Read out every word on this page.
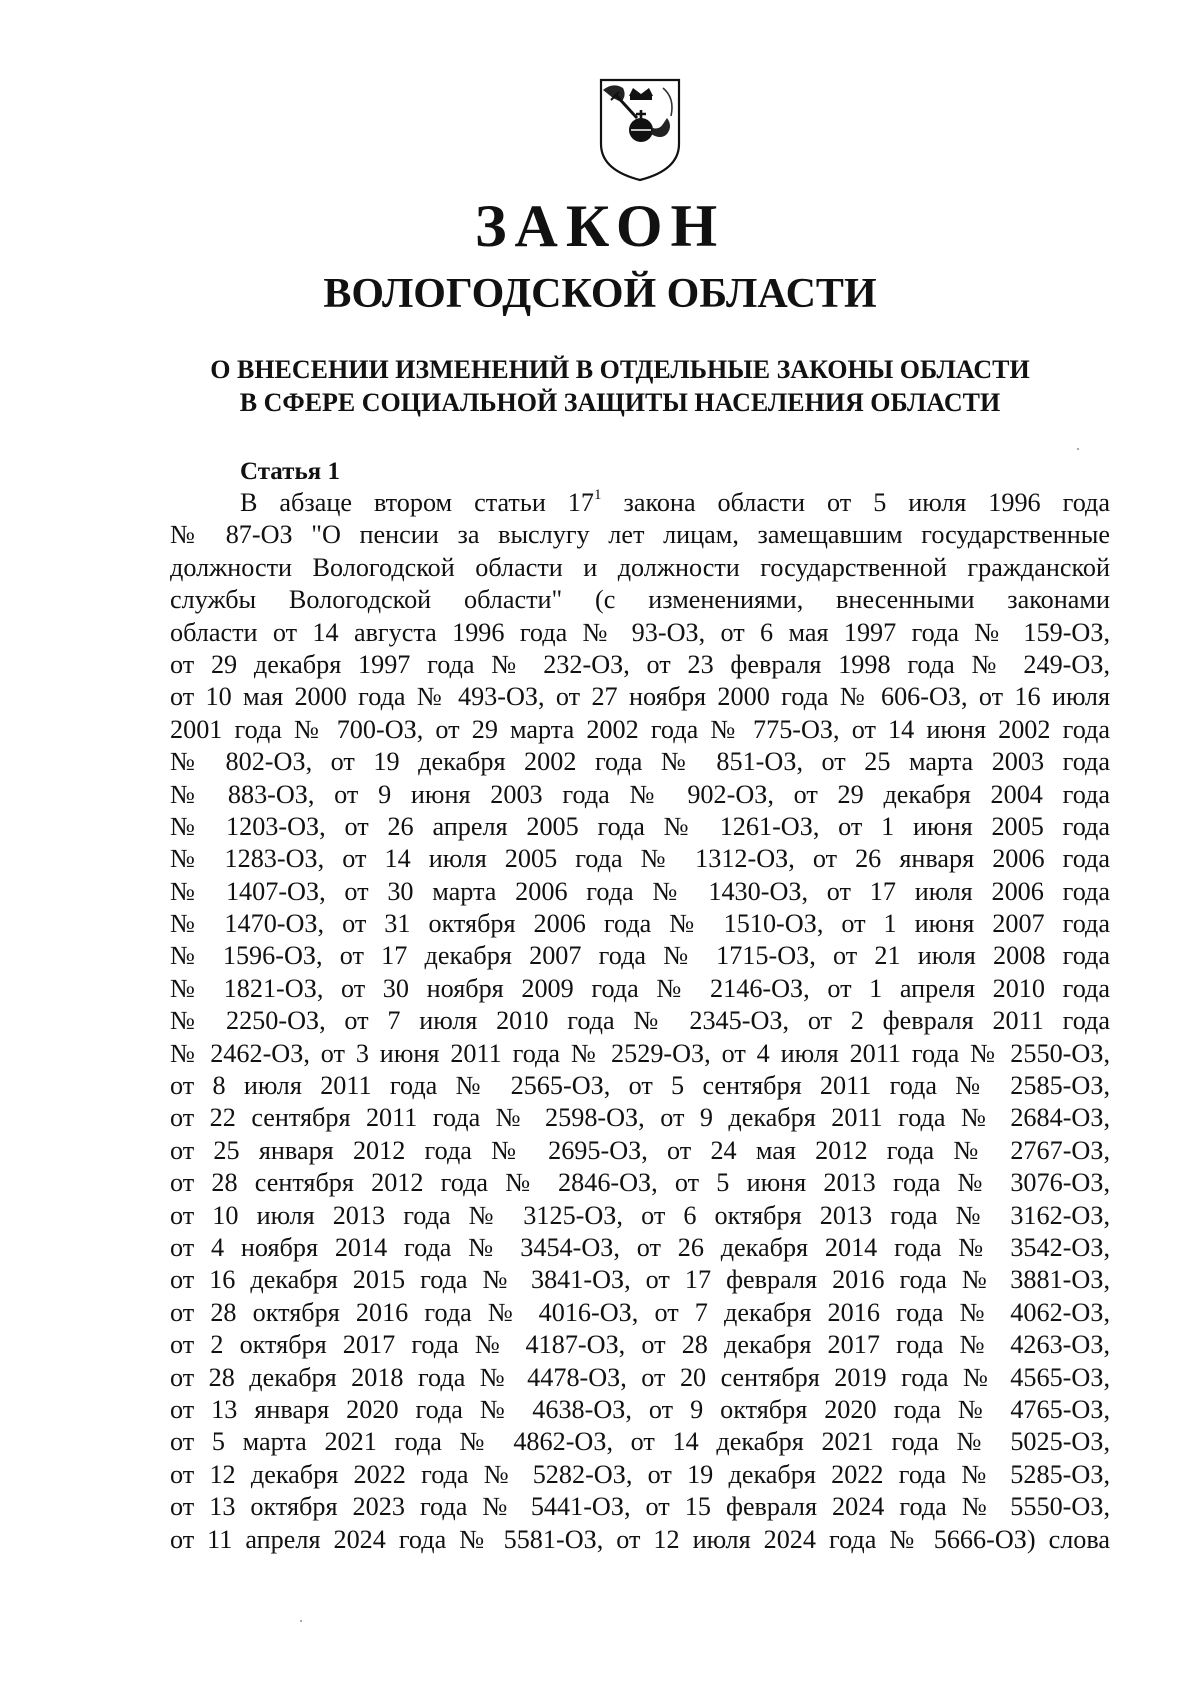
ЗАКОН
ВОЛОГОДСКОЙ ОБЛАСТИ
О ВНЕСЕНИИ ИЗМЕНЕНИЙ В ОТДЕЛЬНЫЕ ЗАКОНЫ ОБЛАСТИ
В СФЕРЕ СОЦИАЛЬНОЙ ЗАЩИТЫ НАСЕЛЕНИЯ ОБЛАСТИ
Статья 1
В абзаце втором статьи $17^1$ закона области от 5 июля 1996 года
№ 87-ОЗ "О пенсии за выслугу лет лицам, замещавшим государственные
должности Вологодской области и должности государственной гражданской
службы Вологодской области" (с изменениями, внесенными законами
области от 14 августа 1996 года № 93-ОЗ, от 6 мая 1997 года № 159-ОЗ,
от 29 декабря 1997 года № 232-ОЗ, от 23 февраля 1998 года № 249-ОЗ,
от 10 мая 2000 года № 493-ОЗ, от 27 ноября 2000 года № 606-ОЗ, от 16 июля
2001 года № 700-ОЗ, от 29 марта 2002 года № 775-ОЗ, от 14 июня 2002 года
№ 802-ОЗ, от 19 декабря 2002 года № 851-ОЗ, от 25 марта 2003 года
№ 883-ОЗ, от 9 июня 2003 года № 902-ОЗ, от 29 декабря 2004 года
№ 1203-ОЗ, от 26 апреля 2005 года № 1261-ОЗ, от 1 июня 2005 года
№ 1283-ОЗ, от 14 июля 2005 года № 1312-ОЗ, от 26 января 2006 года
№ 1407-ОЗ, от 30 марта 2006 года № 1430-ОЗ, от 17 июля 2006 года
№ 1470-ОЗ, от 31 октября 2006 года № 1510-ОЗ, от 1 июня 2007 года
№ 1596-ОЗ, от 17 декабря 2007 года № 1715-ОЗ, от 21 июля 2008 года
№ 1821-ОЗ, от 30 ноября 2009 года № 2146-ОЗ, от 1 апреля 2010 года
№ 2250-ОЗ, от 7 июля 2010 года № 2345-ОЗ, от 2 февраля 2011 года
№ 2462-ОЗ, от 3 июня 2011 года № 2529-ОЗ, от 4 июля 2011 года № 2550-ОЗ,
от 8 июля 2011 года № 2565-ОЗ, от 5 сентября 2011 года № 2585-ОЗ,
от 22 сентября 2011 года № 2598-ОЗ, от 9 декабря 2011 года № 2684-ОЗ,
от 25 января 2012 года № 2695-ОЗ, от 24 мая 2012 года № 2767-ОЗ,
от 28 сентября 2012 года № 2846-ОЗ, от 5 июня 2013 года № 3076-ОЗ,
от 10 июля 2013 года № 3125-ОЗ, от 6 октября 2013 года № 3162-ОЗ,
от 4 ноября 2014 года № 3454-ОЗ, от 26 декабря 2014 года № 3542-ОЗ,
от 16 декабря 2015 года № 3841-ОЗ, от 17 февраля 2016 года № 3881-ОЗ,
от 28 октября 2016 года № 4016-ОЗ, от 7 декабря 2016 года № 4062-ОЗ,
от 2 октября 2017 года № 4187-ОЗ, от 28 декабря 2017 года № 4263-ОЗ,
от 28 декабря 2018 года № 4478-ОЗ, от 20 сентября 2019 года № 4565-ОЗ,
от 13 января 2020 года № 4638-ОЗ, от 9 октября 2020 года № 4765-ОЗ,
от 5 марта 2021 года № 4862-ОЗ, от 14 декабря 2021 года № 5025-ОЗ,
от 12 декабря 2022 года № 5282-ОЗ, от 19 декабря 2022 года № 5285-ОЗ,
от 13 октября 2023 года № 5441-ОЗ, от 15 февраля 2024 года № 5550-ОЗ,
от 11 апреля 2024 года № 5581-ОЗ, от 12 июля 2024 года № 5666-ОЗ) слова
